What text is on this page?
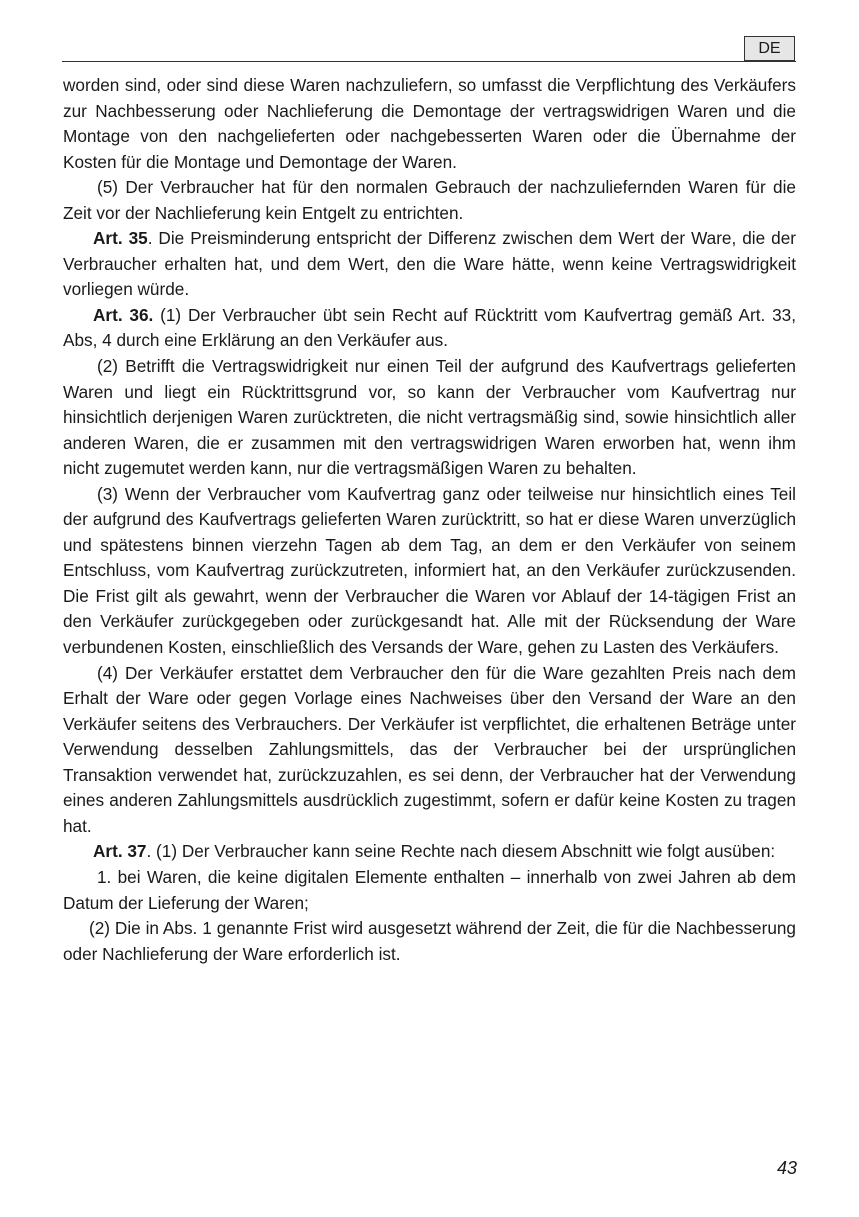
DE

worden sind, oder sind diese Waren nachzuliefern, so umfasst die Verpflichtung des Verkäufers zur Nachbesserung oder Nachlieferung die Demontage der vertragswidrigen Waren und die Montage von den nachgelieferten oder nachgebesserten Waren oder die Übernahme der Kosten für die Montage und Demontage der Waren.

(5) Der Verbraucher hat für den normalen Gebrauch der nachzuliefernden Waren für die Zeit vor der Nachlieferung kein Entgelt zu entrichten.

Art. 35. Die Preisminderung entspricht der Differenz zwischen dem Wert der Ware, die der Verbraucher erhalten hat, und dem Wert, den die Ware hätte, wenn keine Vertragswidrigkeit vorliegen würde.

Art. 36. (1) Der Verbraucher übt sein Recht auf Rücktritt vom Kaufvertrag gemäß Art. 33, Abs, 4 durch eine Erklärung an den Verkäufer aus.

(2) Betrifft die Vertragswidrigkeit nur einen Teil der aufgrund des Kaufvertrags gelieferten Waren und liegt ein Rücktrittsgrund vor, so kann der Verbraucher vom Kaufvertrag nur hinsichtlich derjenigen Waren zurücktreten, die nicht vertragsmäßig sind, sowie hinsichtlich aller anderen Waren, die er zusammen mit den vertragswidrigen Waren erworben hat, wenn ihm nicht zugemutet werden kann, nur die vertragsmäßigen Waren zu behalten.

(3) Wenn der Verbraucher vom Kaufvertrag ganz oder teilweise nur hinsichtlich eines Teil der aufgrund des Kaufvertrags gelieferten Waren zurücktritt, so hat er diese Waren unverzüglich und spätestens binnen vierzehn Tagen ab dem Tag, an dem er den Verkäufer von seinem Entschluss, vom Kaufvertrag zurückzutreten, informiert hat, an den Verkäufer zurückzusenden. Die Frist gilt als gewahrt, wenn der Verbraucher die Waren vor Ablauf der 14-tägigen Frist an den Verkäufer zurückgegeben oder zurückgesandt hat. Alle mit der Rücksendung der Ware verbundenen Kosten, einschließlich des Versands der Ware, gehen zu Lasten des Verkäufers.

(4) Der Verkäufer erstattet dem Verbraucher den für die Ware gezahlten Preis nach dem Erhalt der Ware oder gegen Vorlage eines Nachweises über den Versand der Ware an den Verkäufer seitens des Verbrauchers. Der Verkäufer ist verpflichtet, die erhaltenen Beträge unter Verwendung desselben Zahlungsmittels, das der Verbraucher bei der ursprünglichen Transaktion verwendet hat, zurückzuzahlen, es sei denn, der Verbraucher hat der Verwendung eines anderen Zahlungsmittels ausdrücklich zugestimmt, sofern er dafür keine Kosten zu tragen hat.

Art. 37. (1) Der Verbraucher kann seine Rechte nach diesem Abschnitt wie folgt ausüben:

1. bei Waren, die keine digitalen Elemente enthalten – innerhalb von zwei Jahren ab dem Datum der Lieferung der Waren;

(2) Die in Abs. 1 genannte Frist wird ausgesetzt während der Zeit, die für die Nachbesserung oder Nachlieferung der Ware erforderlich ist.

43
